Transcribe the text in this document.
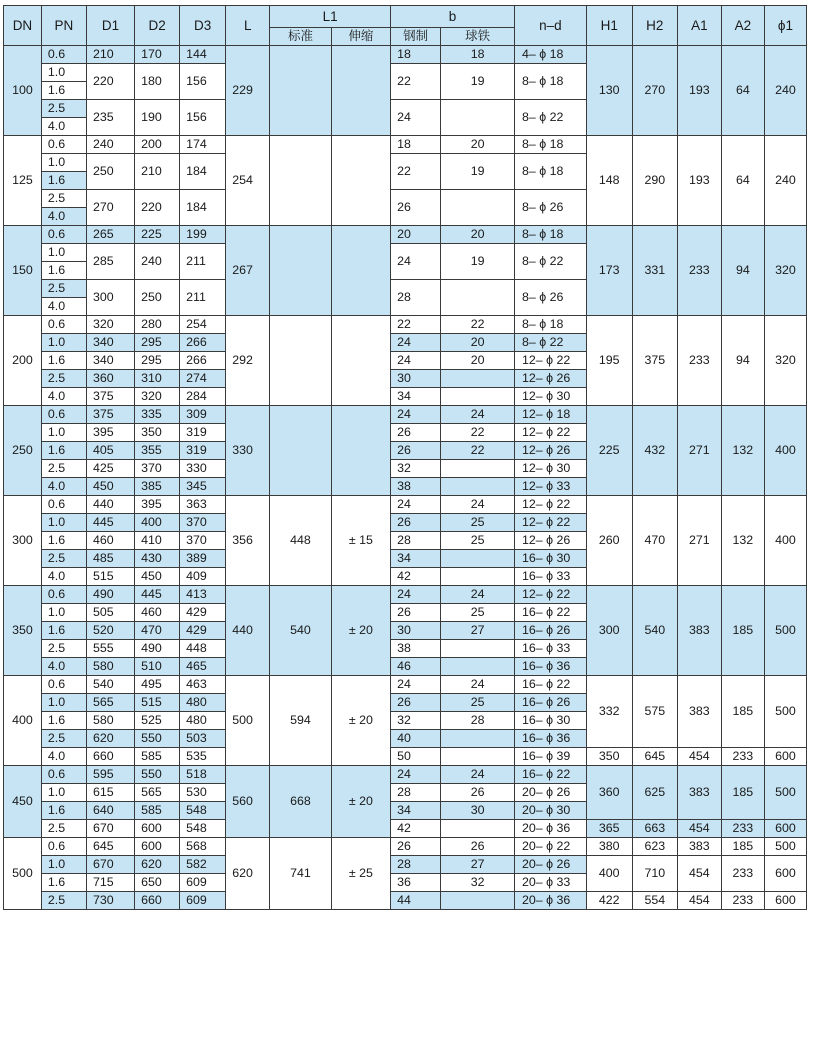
DN	PN	D1	D2	D3	L	L1		b		n–d	H1	H2	A1	A2	ϕ1
						标准	伸缩	钢制	球铁						
100	0.6	210	170	144	229			18	18	4– ϕ 18	130	270	193	64	240
	1.0	220	180	156				22	19	8– ϕ 18					
	1.6														
	2.5	235	190	156				24		8– ϕ 22					
	4.0														
125	0.6	240	200	174	254			18	20	8– ϕ 18	148	290	193	64	240
	1.0	250	210	184				22	19	8– ϕ 18					
	1.6														
	2.5	270	220	184				26		8– ϕ 26					
	4.0														
150	0.6	265	225	199	267			20	20	8– ϕ 18	173	331	233	94	320
	1.0	285	240	211				24	19	8– ϕ 22					
	1.6														
	2.5	300	250	211				28		8– ϕ 26					
	4.0														
200	0.6	320	280	254	292			22	22	8– ϕ 18	195	375	233	94	320
	1.0	340	295	266				24	20	8– ϕ 22					
	1.6	340	295	266				24	20	12– ϕ 22					
	2.5	360	310	274				30		12– ϕ 26					
	4.0	375	320	284				34		12– ϕ 30					
250	0.6	375	335	309	330			24	24	12– ϕ 18	225	432	271	132	400
	1.0	395	350	319				26	22	12– ϕ 22					
	1.6	405	355	319				26	22	12– ϕ 26					
	2.5	425	370	330				32		12– ϕ 30					
	4.0	450	385	345				38		12– ϕ 33					
300	0.6	440	395	363	356	448	± 15	24	24	12– ϕ 22	260	470	271	132	400
	1.0	445	400	370				26	25	12– ϕ 22					
	1.6	460	410	370				28	25	12– ϕ 26					
	2.5	485	430	389				34		16– ϕ 30					
	4.0	515	450	409				42		16– ϕ 33					
350	0.6	490	445	413	440	540	± 20	24	24	12– ϕ 22	300	540	383	185	500
	1.0	505	460	429				26	25	16– ϕ 22					
	1.6	520	470	429				30	27	16– ϕ 26					
	2.5	555	490	448				38		16– ϕ 33					
	4.0	580	510	465				46		16– ϕ 36					
400	0.6	540	495	463	500	594	± 20	24	24	16– ϕ 22	332	575	383	185	500
	1.0	565	515	480				26	25	16– ϕ 26					
	1.6	580	525	480				32	28	16– ϕ 30					
	2.5	620	550	503				40		16– ϕ 36					
	4.0	660	585	535				50		16– ϕ 39	350	645	454	233	600
450	0.6	595	550	518	560	668	± 20	24	24	16– ϕ 22	360	625	383	185	500
	1.0	615	565	530				28	26	20– ϕ 26					
	1.6	640	585	548				34	30	20– ϕ 30					
	2.5	670	600	548				42		20– ϕ 36	365	663	454	233	600
500	0.6	645	600	568	620	741	± 25	26	26	20– ϕ 22	380	623	383	185	500
	1.0	670	620	582				28	27	20– ϕ 26	400	710	454	233	600
	1.6	715	650	609				36	32	20– ϕ 33					
	2.5	730	660	609				44		20– ϕ 36	422	554	454	233	600
